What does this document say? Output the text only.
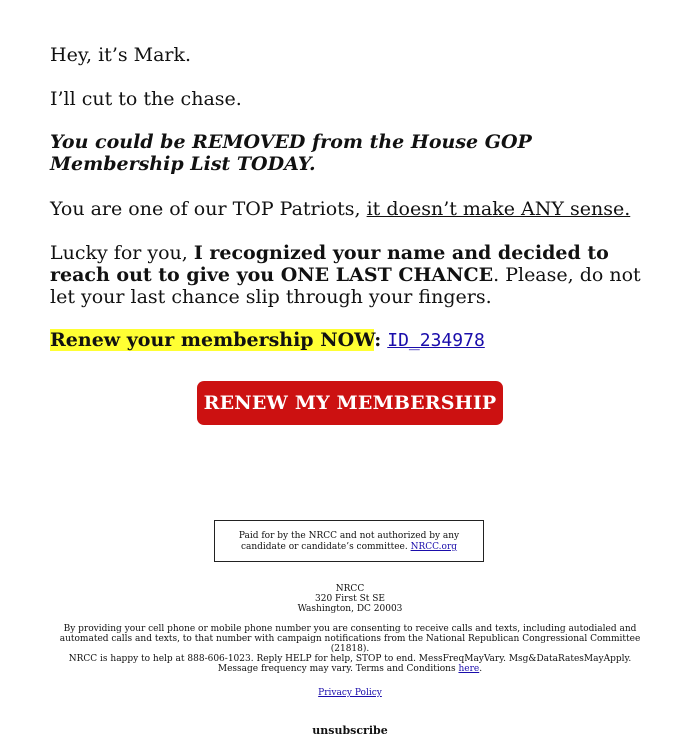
Hey, it’s Mark.

I’ll cut to the chase.

You could be REMOVED from the House GOP Membership List TODAY.

You are one of our TOP Patriots, it doesn’t make ANY sense.

Lucky for you, I recognized your name and decided to reach out to give you ONE LAST CHANCE. Please, do not let your last chance slip through your fingers.

Renew your membership NOW: ID_234978

RENEW MY MEMBERSHIP
Paid for by the NRCC and not authorized by any candidate or candidate’s committee. NRCC.org
NRCC
320 First St SE
Washington, DC 20003
By providing your cell phone or mobile phone number you are consenting to receive calls and texts, including autodialed and automated calls and texts, to that number with campaign notifications from the National Republican Congressional Committee (21818).
NRCC is happy to help at 888-606-1023. Reply HELP for help, STOP to end. MessFreqMayVary. Msg&DataRatesMayApply. Message frequency may vary. Terms and Conditions here.
Privacy Policy
unsubscribe
